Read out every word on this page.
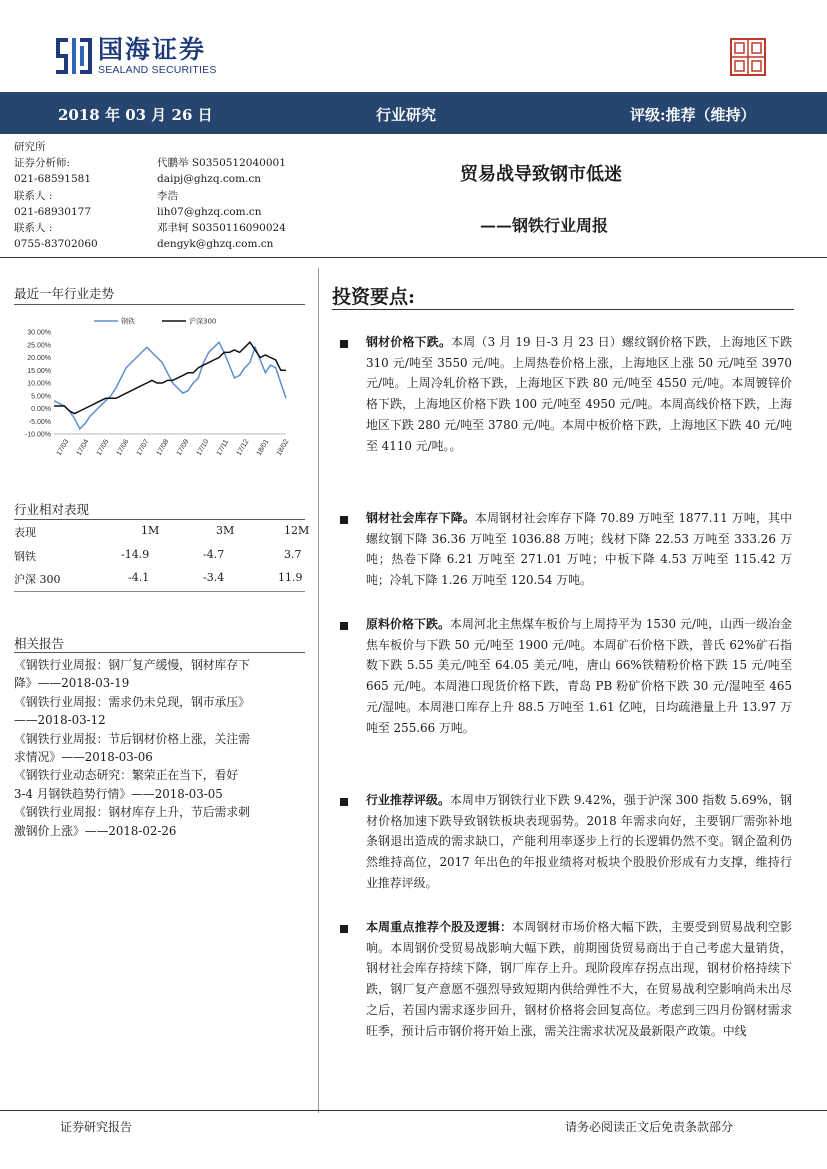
国海证券
SEALAND SECURITIES
2018 年 03 月 26 日	行业研究	评级:推荐（维持）
研究所
证券分析师:	代鹏举 S0350512040001
021-68591581	daipj@ghzq.com.cn
联系人 :	李浩
021-68930177	lih07@ghzq.com.cn
联系人 :	邓聿轲 S0350116090024
0755-83702060	dengyk@ghzq.com.cn
贸易战导致钢市低迷
——钢铁行业周报
最近一年行业走势
30.00%
25.00%
20.00%
15.00%
10.00%
5.00%
0.00%
-5.00%
-10.00%
17/03 17/04 17/05 17/06 17/07 17/08 17/09 17/10 17/11 17/12 18/01 18/02
钢铁	沪深300
行业相对表现
表现	1M	3M	12M
钢铁	-14.9	-4.7	3.7
沪深 300	-4.1	-3.4	11.9
相关报告

《钢铁行业周报：钢厂复产缓慢，钢材库存下

降》——2018-03-19

《钢铁行业周报：需求仍未兑现，钢市承压》

——2018-03-12

《钢铁行业周报：节后钢材价格上涨，关注需

求情况》——2018-03-06

《钢铁行业动态研究：繁荣正在当下，看好

3-4 月钢铁趋势行情》——2018-03-05

《钢铁行业周报：钢材库存上升，节后需求刺

激钢价上涨》——2018-02-26

投资要点:
钢材价格下跌。本周（3 月 19 日-3 月 23 日）螺纹钢价格下跌，上海地区下跌 310 元/吨至 3550 元/吨。上周热卷价格上涨，上海地区上涨 50 元/吨至 3970 元/吨。上周冷轧价格下跌，上海地区下跌 80 元/吨至 4550 元/吨。本周镀锌价格下跌，上海地区价格下跌 100 元/吨至 4950 元/吨。本周高线价格下跌，上海地区下跌 280 元/吨至 3780 元/吨。本周中板价格下跌，上海地区下跌 40 元/吨至 4110 元/吨。。
钢材社会库存下降。本周钢材社会库存下降 70.89 万吨至 1877.11 万吨，其中螺纹钢下降 36.36 万吨至 1036.88 万吨；线材下降 22.53 万吨至 333.26 万吨；热卷下降 6.21 万吨至 271.01 万吨；中板下降 4.53 万吨至 115.42 万吨；冷轧下降 1.26 万吨至 120.54 万吨。
原料价格下跌。本周河北主焦煤车板价与上周持平为 1530 元/吨，山西一级冶金焦车板价与下跌 50 元/吨至 1900 元/吨。本周矿石价格下跌，普氏 62%矿石指数下跌 5.55 美元/吨至 64.05 美元/吨，唐山 66%铁精粉价格下跌 15 元/吨至 665 元/吨。本周港口现货价格下跌，青岛 PB 粉矿价格下跌 30 元/湿吨至 465 元/湿吨。本周港口库存上升 88.5 万吨至 1.61 亿吨，日均疏港量上升 13.97 万吨至 255.66 万吨。
行业推荐评级。本周申万钢铁行业下跌 9.42%，强于沪深 300 指数 5.69%，钢材价格加速下跌导致钢铁板块表现弱势。2018 年需求向好，主要钢厂需弥补地条钢退出造成的需求缺口，产能利用率逐步上行的长逻辑仍然不变。钢企盈利仍然维持高位，2017 年出色的年报业绩将对板块个股股价形成有力支撑，维持行业推荐评级。
本周重点推荐个股及逻辑：本周钢材市场价格大幅下跌，主要受到贸易战利空影响。本周钢价受贸易战影响大幅下跌，前期囤货贸易商出于自己考虑大量销货，钢材社会库存持续下降，钢厂库存上升。现阶段库存拐点出现，钢材价格持续下跌，钢厂复产意愿不强烈导致短期内供给弹性不大，在贸易战利空影响尚未出尽之后，若国内需求逐步回升，钢材价格将会回复高位。考虑到三四月份钢材需求旺季，预计后市钢价将开始上涨，需关注需求状况及最新限产政策。中线
证券研究报告	请务必阅读正文后免责条款部分
